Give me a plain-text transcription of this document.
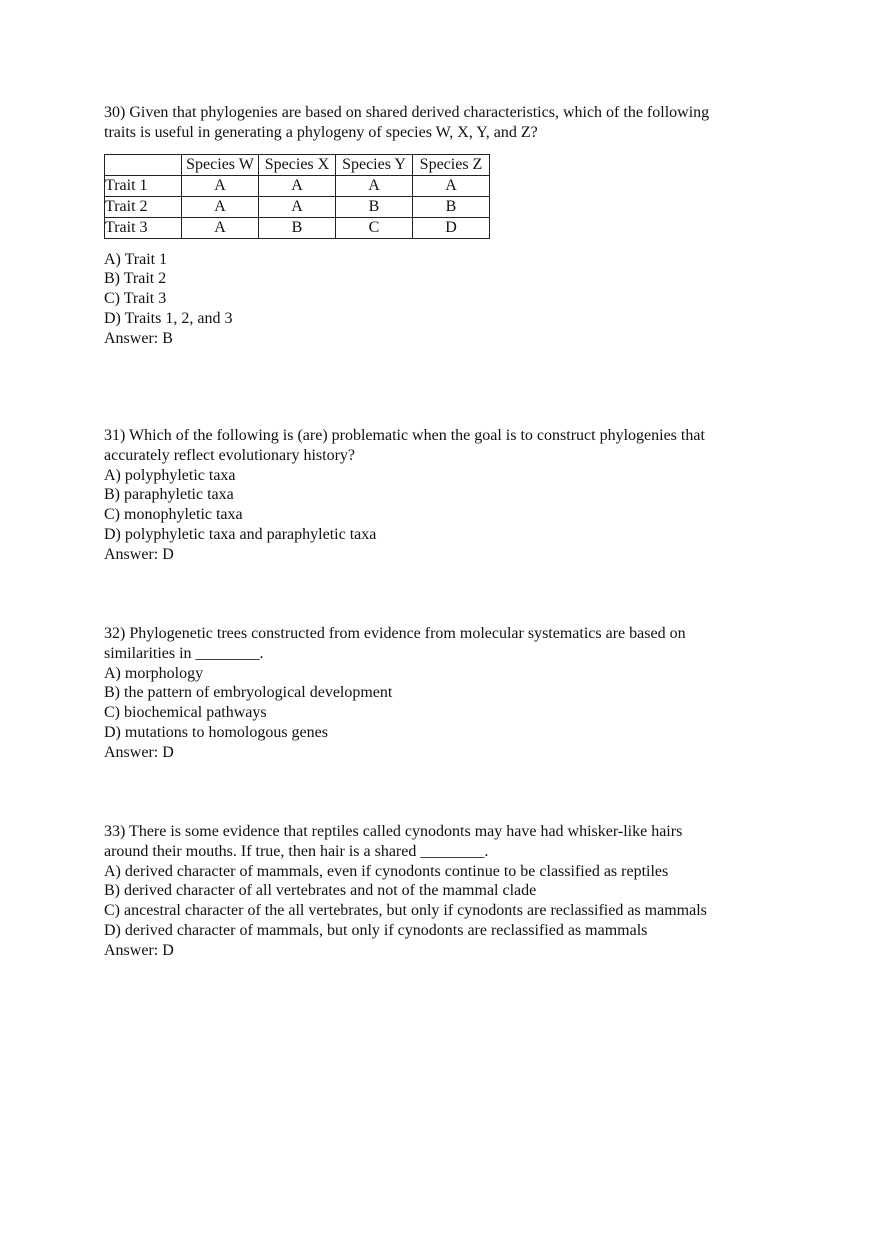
30) Given that phylogenies are based on shared derived characteristics, which of the following
traits is useful in generating a phylogeny of species W, X, Y, and Z?
	Species W	Species X	Species Y	Species Z
Trait 1	A	A	A	A
Trait 2	A	A	B	B
Trait 3	A	B	C	D
A) Trait 1
B) Trait 2
C) Trait 3
D) Traits 1, 2, and 3
Answer: B
31) Which of the following is (are) problematic when the goal is to construct phylogenies that
accurately reflect evolutionary history?
A) polyphyletic taxa
B) paraphyletic taxa
C) monophyletic taxa
D) polyphyletic taxa and paraphyletic taxa
Answer: D
32) Phylogenetic trees constructed from evidence from molecular systematics are based on
similarities in ________.
A) morphology
B) the pattern of embryological development
C) biochemical pathways
D) mutations to homologous genes
Answer: D
33) There is some evidence that reptiles called cynodonts may have had whisker-like hairs
around their mouths. If true, then hair is a shared ________.
A) derived character of mammals, even if cynodonts continue to be classified as reptiles
B) derived character of all vertebrates and not of the mammal clade
C) ancestral character of the all vertebrates, but only if cynodonts are reclassified as mammals
D) derived character of mammals, but only if cynodonts are reclassified as mammals
Answer: D
